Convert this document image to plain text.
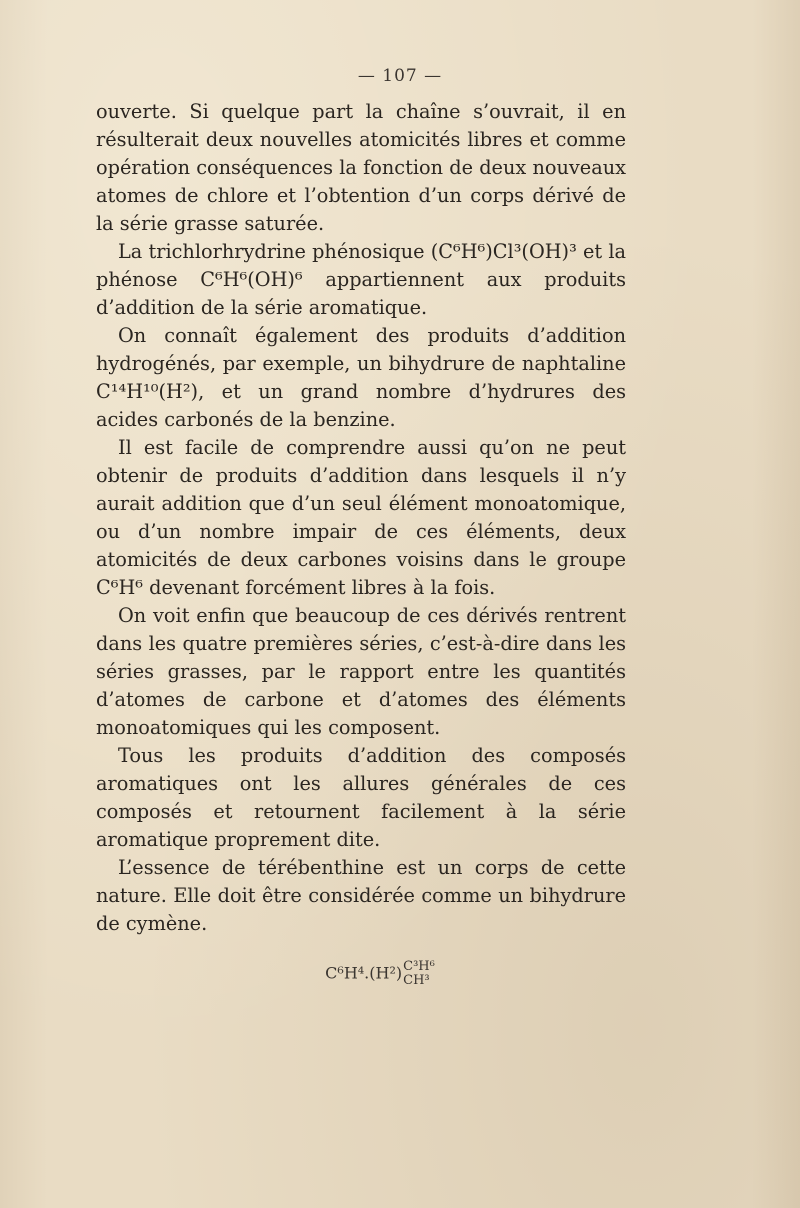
— 107 —

ouverte. Si quelque part la chaîne s’ouvrait, il en résulterait deux nouvelles atomicités libres et comme opération conséquences la fonction de deux nouveaux atomes de chlore et l’obtention d’un corps dérivé de la série grasse saturée.

La trichlorhrydrine phénosique (C⁶H⁶)Cl³(OH)³ et la phénose C⁶H⁶(OH)⁶ appartiennent aux produits d’addition de la série aromatique.

On connaît également des produits d’addition hydrogénés, par exemple, un bihydrure de naphtaline C¹⁴H¹⁰(H²), et un grand nombre d’hydrures des acides carbonés de la benzine.

Il est facile de comprendre aussi qu’on ne peut obtenir de produits d’addition dans lesquels il n’y aurait addition que d’un seul élément monoatomique, ou d’un nombre impair de ces éléments, deux atomicités de deux carbones voisins dans le groupe C⁶H⁶ devenant forcément libres à la fois.

On voit enfin que beaucoup de ces dérivés rentrent dans les quatre premières séries, c’est-à-dire dans les séries grasses, par le rapport entre les quantités d’atomes de carbone et d’atomes des éléments monoatomiques qui les composent.

Tous les produits d’addition des composés aromatiques ont les allures générales de ces composés et retournent facilement à la série aromatique proprement dite.

L’essence de térébenthine est un corps de cette nature. Elle doit être considérée comme un bihydrure de cymène.

C⁶H⁴.(H²) C³H⁶
CH³
